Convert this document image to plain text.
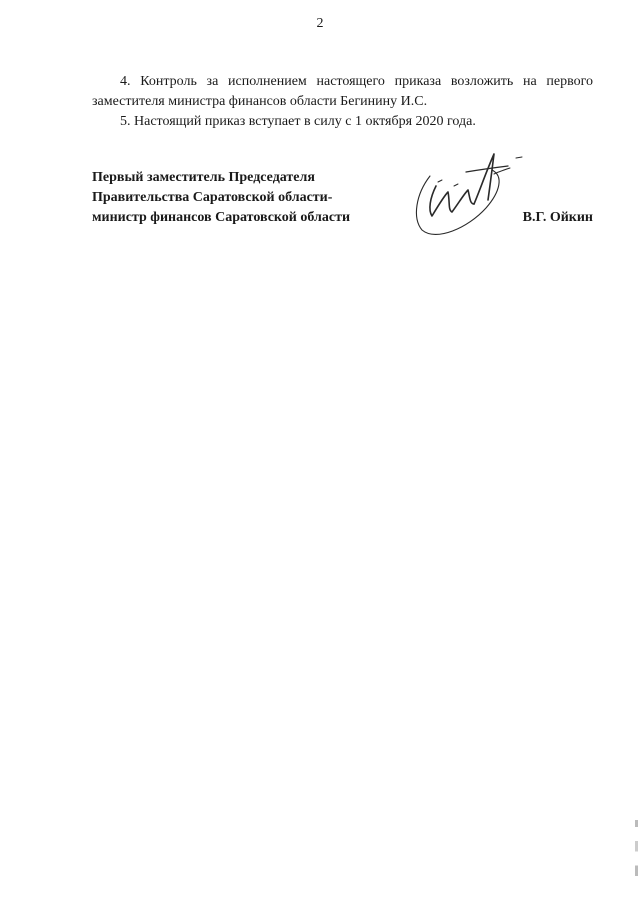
2

4. Контроль за исполнением настоящего приказа возложить на первого заместителя министра финансов области Бегинину И.С.

5. Настоящий приказ вступает в силу с 1 октября 2020 года.

Первый заместитель Председателя
Правительства Саратовской области-
министр финансов Саратовской области	В.Г. Ойкин
